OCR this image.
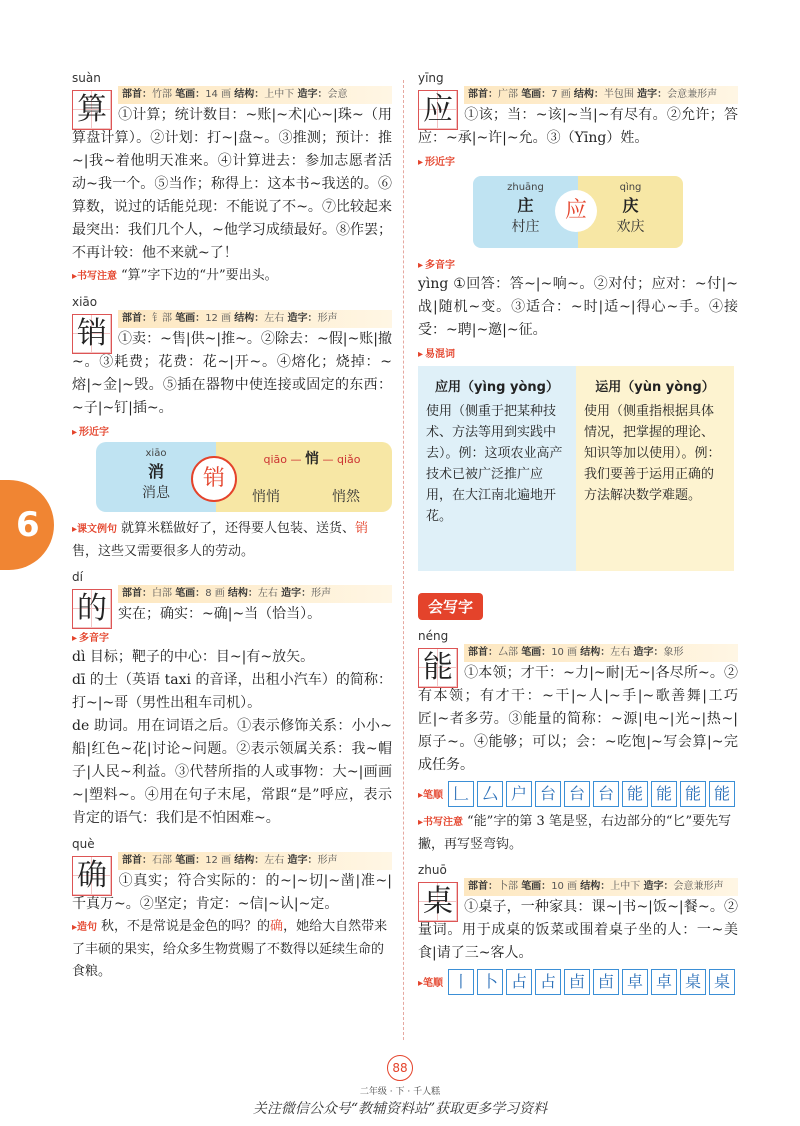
6
suàn
算	部首：竹部 笔画：14 画 结构：上中下 造字：会意
①计算；统计数目：~账|~术|心~|珠~（用算盘计算）。②计划：打~|盘~。③推测；预计：推~|我~着他明天准来。④计算进去：参加志愿者活动~我一个。⑤当作；称得上：这本书~我送的。⑥算数，说过的话能兑现：不能说了不~。⑦比较起来最突出：我们几个人，~他学习成绩最好。⑧作罢；不再计较：他不来就~了！
▸书写注意 “算”字下边的“廾”要出头。
xiāo
销	部首：钅部 笔画：12 画 结构：左右 造字：形声
①卖：~售|供~|推~。②除去：~假|~账|撤~。③耗费；花费：花~|开~。④熔化；烧掉：~熔|~金|~毁。⑤插在器物中使连接或固定的东西：~子|~钉|插~。
▸ 形近字
xiāo
消
消息
qiāo — 悄 — qiǎo
悄悄	悄然
销
▸课文例句 就算米糕做好了，还得要人包装、送货、销售，这些又需要很多人的劳动。
dí
的	部首：白部 笔画：8 画 结构：左右 造字：形声
实在；确实：~确|~当（恰当）。
▸ 多音字
dì 目标；靶子的中心：目~|有~放矢。
dī 的士（英语 taxi 的音译，出租小汽车）的简称：打~|~哥（男性出租车司机）。
de 助词。用在词语之后。①表示修饰关系：小小~船|红色~花|讨论~问题。②表示领属关系：我~帽子|人民~利益。③代替所指的人或事物：大~|画画~|塑料~。④用在句子末尾，常跟“是”呼应，表示肯定的语气：我们是不怕困难~。
què
确	部首：石部 笔画：12 画 结构：左右 造字：形声
①真实；符合实际的：的~|~切|~凿|准~|千真万~。②坚定；肯定：~信|~认|~定。
▸造句 秋，不是常说是金色的吗？的确，她给大自然带来了丰硕的果实，给众多生物赏赐了不数得以延续生命的食粮。
yīng
应	部首：广部 笔画：7 画 结构：半包围 造字：会意兼形声
①该；当：~该|~当|~有尽有。②允许；答应：~承|~许|~允。③（Yīng）姓。
▸ 形近字
zhuāng
庄
村庄
qìng
庆
欢庆
应
▸ 多音字
yìng ①回答：答~|~响~。②对付；应对：~付|~战|随机~变。③适合：~时|适~|得心~手。④接受：~聘|~邀|~征。
▸ 易混词
应用（yìng yòng）
使用（侧重于把某种技术、方法等用到实践中去）。例：这项农业高产技术已被广泛推广应用，在大江南北遍地开花。
运用（yùn yòng）
使用（侧重指根据具体情况，把掌握的理论、知识等加以使用）。例：我们要善于运用正确的方法解决数学难题。
会写字
néng
能	部首：厶部 笔画：10 画 结构：左右 造字：象形
①本领；才干：~力|~耐|无~|各尽所~。②有本领；有才干：~干|~人|~手|~歌善舞|工巧匠|~者多劳。③能量的简称：~源|电~|光~|热~|原子~。④能够；可以；会：~吃饱|~写会算|~完成任务。
▸笔顺 𠃊 厶 户 台 台 台 能 能 能 能
▸书写注意 “能”字的第 3 笔是竖，右边部分的“匕”要先写撇，再写竖弯钩。
zhuō
桌	部首：卜部 笔画：10 画 结构：上中下 造字：会意兼形声
①桌子，一种家具：课~|书~|饭~|餐~。②量词。用于成桌的饭菜或围着桌子坐的人：一~美食|请了三~客人。
▸笔顺 丨 卜 占 占 卣 卣 卓 卓 桌 桌
88
二年级 · 下 · 千人糕
关注微信公众号“教辅资料站”获取更多学习资料
